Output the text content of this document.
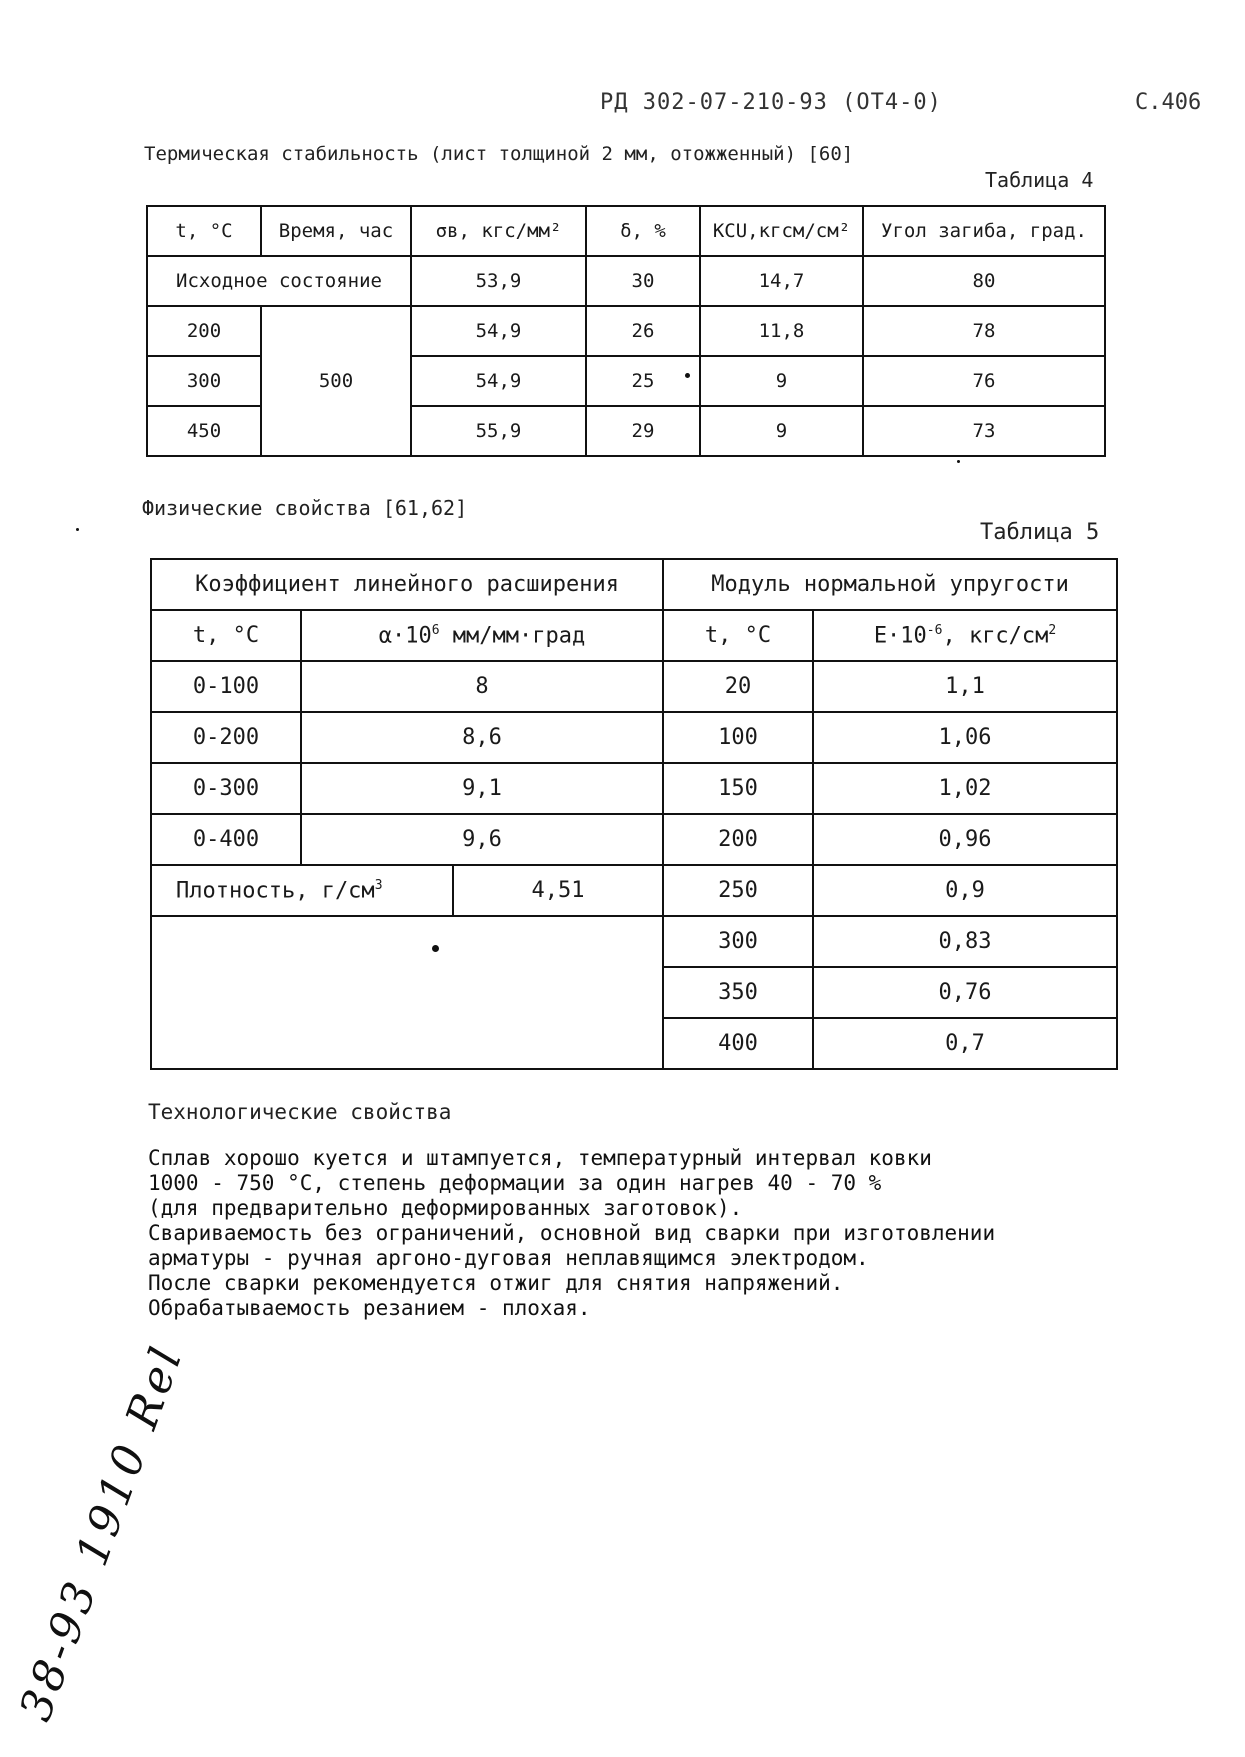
РД 302-07-210-93 (ОТ4-0)	С.406
Термическая стабильность (лист толщиной 2 мм, отожженный) [60]
Таблица 4
t, °C	Время, час	σв, кгс/мм²	δ, %	KCU,кгсм/см²	Угол загиба, град.
Исходное состояние		53,9	30	14,7	80
200	500	54,9	26	11,8	78
300		54,9	25	9	76
450		55,9	29	9	73
Физические свойства [61,62]
Таблица 5
Коэффициент линейного расширения			Модуль нормальной упругости	
t, °C	$\alpha\cdot 10^6$ мм/мм·град		t, °C	$E\cdot 10^{-6}$, кгс/$см^2$
0-100	8		20	1,1
0-200	8,6		100	1,06
0-300	9,1		150	1,02
0-400	9,6		200	0,96
Плотность, $г/см^3$		4,51	250	0,9
			300	0,83
			350	0,76
			400	0,7
Технологические свойства
Сплав хорошо куется и штампуется, температурный интервал ковки
1000 - 750 °С, степень деформации за один нагрев 40 - 70 %
(для предварительно деформированных заготовок).
Свариваемость без ограничений, основной вид сварки при изготовлении
арматуры - ручная аргоно-дуговая неплавящимся электродом.
После сварки рекомендуется отжиг для снятия напряжений.
Обрабатываемость резанием - плохая.
38-93 1910 Rel
